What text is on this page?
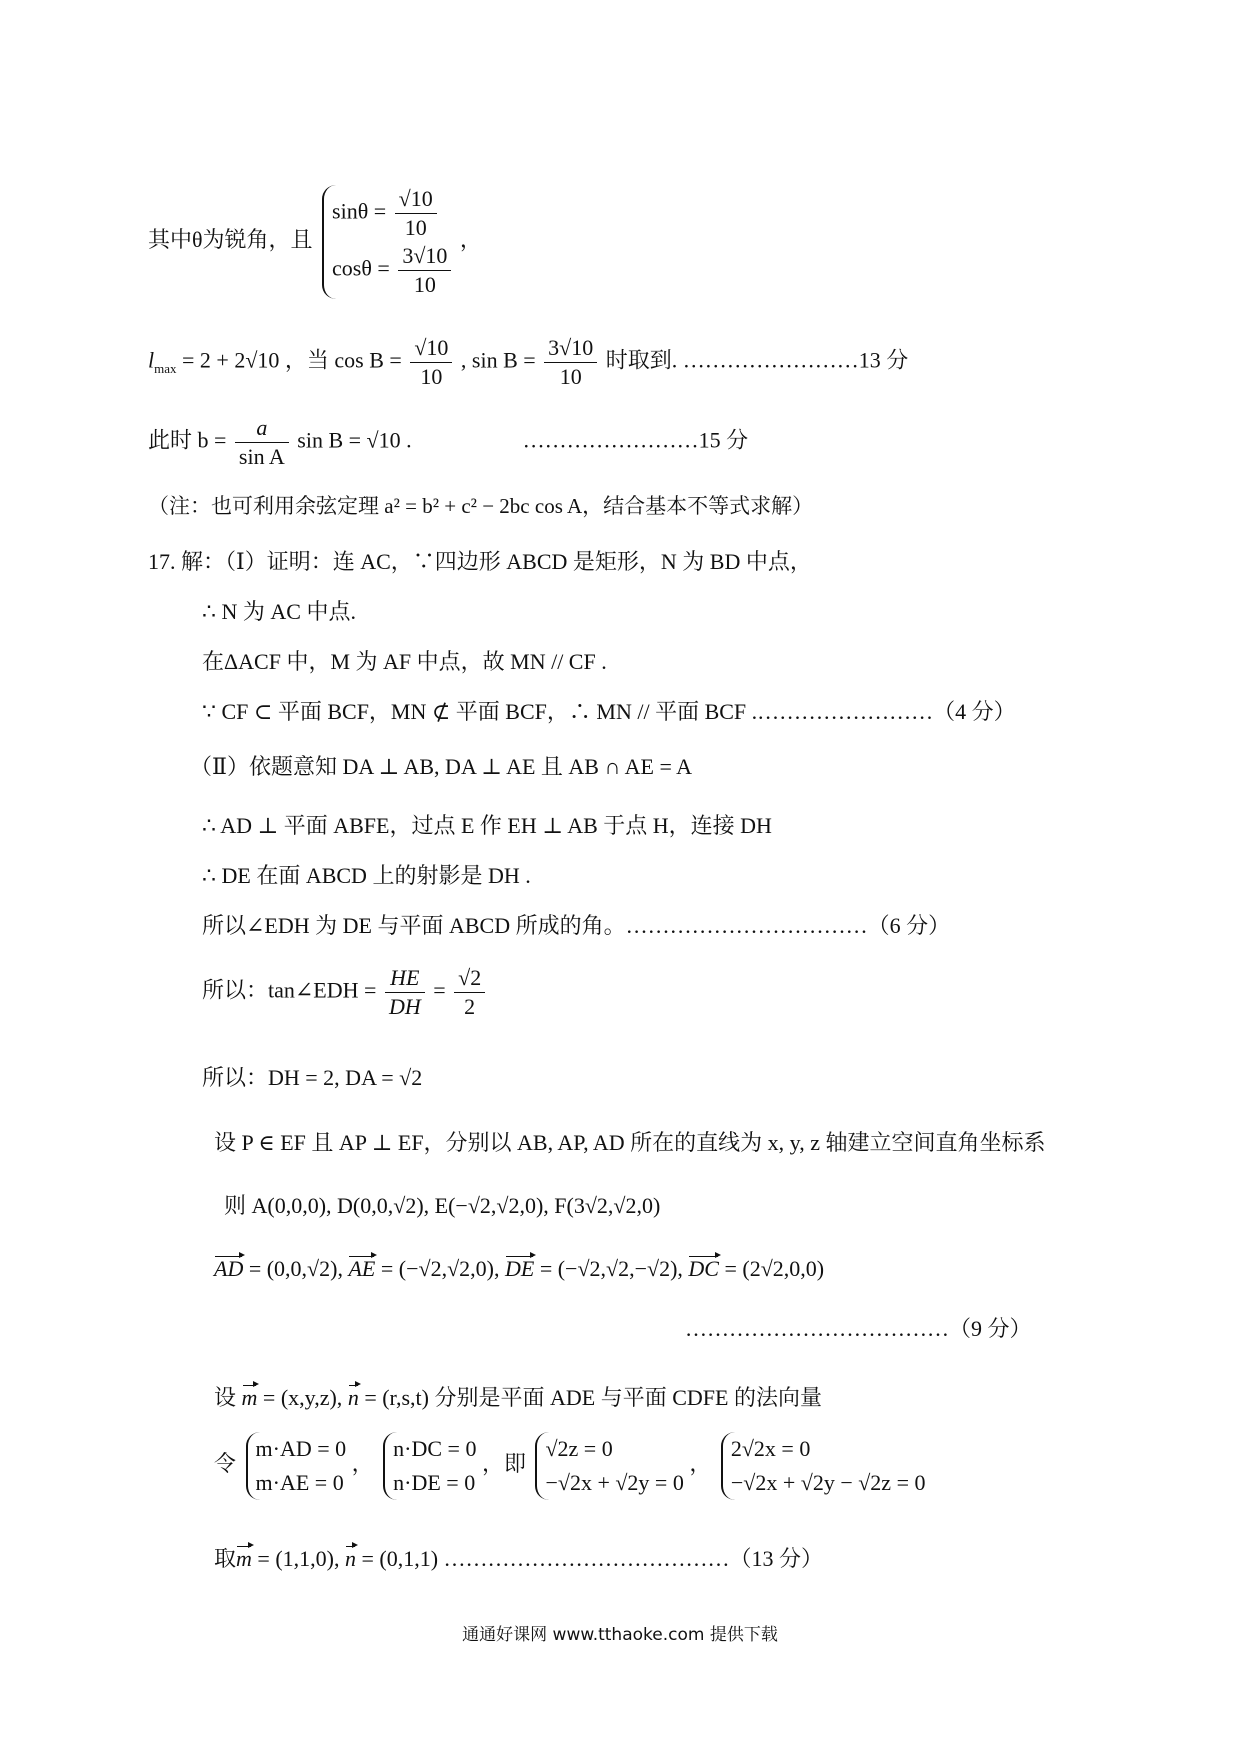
其中θ为锐角，且
$\sin\theta = \frac{√10}{10}$
$\cos\theta = \frac{3√10}{10}$
，
$l_{max} = 2 + 2√10$ ，当 $\cos B = \frac{√10}{10}$ , $\sin B = \frac{3√10}{10}$ 时取到. ……………………13 分
此时 $b = \frac{a}{\text{sin A}}$ sin B = √10 .	……………………15 分
（注：也可利用余弦定理 a² = b² + c² − 2bc cos A，结合基本不等式求解）
17. 解：（Ⅰ）证明：连 AC，∵四边形 ABCD 是矩形，N 为 BD 中点，
∴ N 为 AC 中点.
在ΔACF 中，M 为 AF 中点，故 MN // CF .
∵ CF ⊂ 平面 BCF，MN ⊄ 平面 BCF，∴ MN // 平面 BCF .……………………（4 分）
（Ⅱ）依题意知 DA ⊥ AB, DA ⊥ AE 且 AB ∩ AE = A
∴ AD ⊥ 平面 ABFE，过点 E 作 EH ⊥ AB 于点 H，连接 DH
∴ DE 在面 ABCD 上的射影是 DH .
所以∠EDH 为 DE 与平面 ABCD 所成的角。……………………………（6 分）
所以：tan∠EDH = $\frac{HE}{DH} = \frac{√2}{2}$
所以：DH = 2, DA = √2
设 P ∈ EF 且 AP ⊥ EF，分别以 AB, AP, AD 所在的直线为 x, y, z 轴建立空间直角坐标系
则 A(0,0,0), D(0,0,√2), E(−√2,√2,0), F(3√2,√2,0)
AD = (0,0,√2), AE = (−√2,√2,0), DE = (−√2,√2,−√2), DC = (2√2,0,0)
………………………………（9 分）
设 m = (x,y,z), n = (r,s,t) 分别是平面 ADE 与平面 CDFE 的法向量
令
m·AD = 0
m·AE = 0
，
n·DC = 0
n·DE = 0
，即
√2z = 0
−√2x + √2y = 0
，
2√2x = 0
−√2x + √2y − √2z = 0
取m = (1,1,0), n = (0,1,1) …………………………………（13 分）
通通好课网 www.tthaoke.com 提供下载
